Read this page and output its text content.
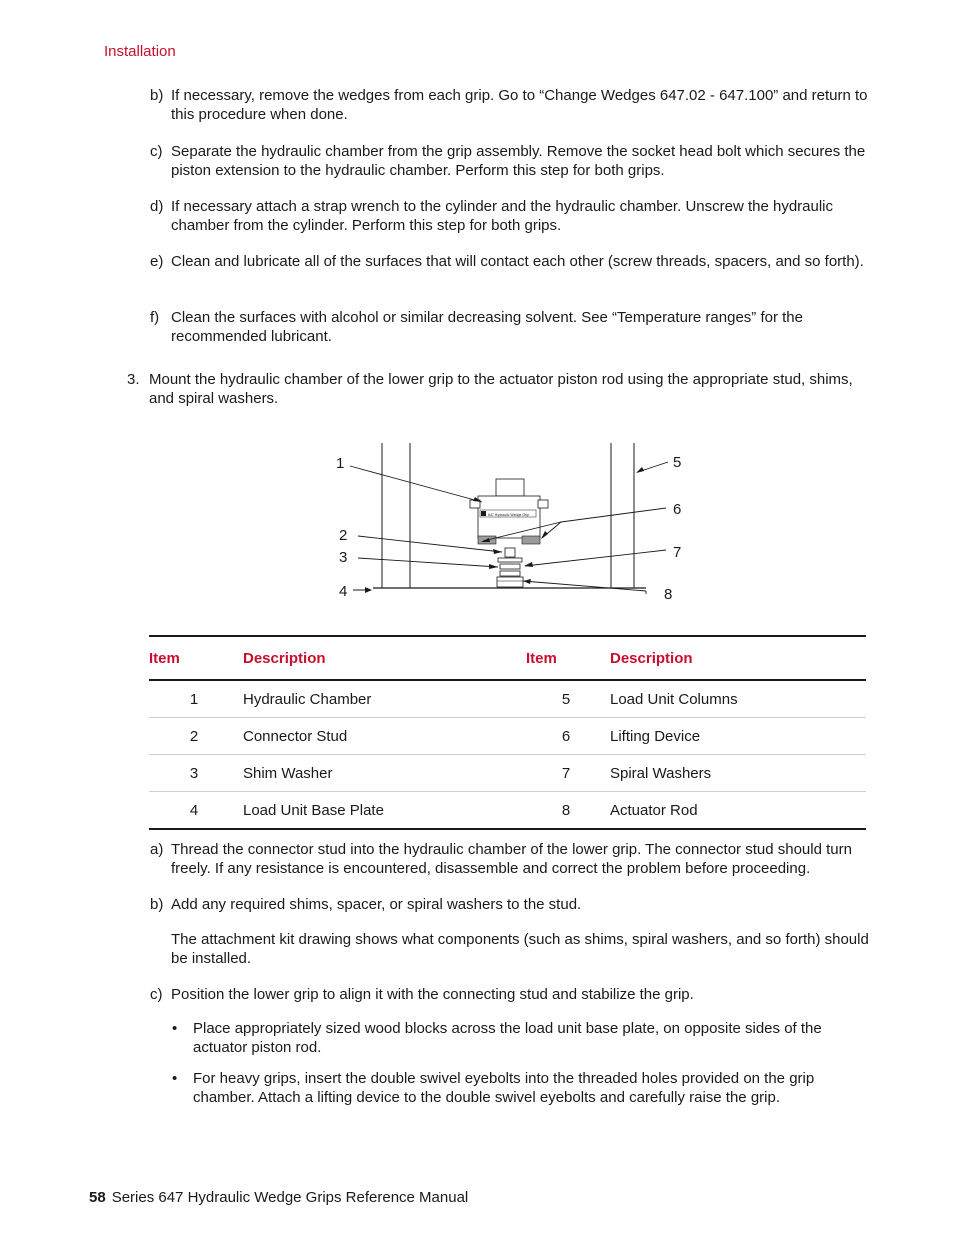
Installation
b) If necessary, remove the wedges from each grip. Go to “Change Wedges 647.02 - 647.100” and return to this procedure when done.
c) Separate the hydraulic chamber from the grip assembly. Remove the socket head bolt which secures the piston extension to the hydraulic chamber. Perform this step for both grips.
d) If necessary attach a strap wrench to the cylinder and the hydraulic chamber. Unscrew the hydraulic chamber from the cylinder. Perform this step for both grips.
e) Clean and lubricate all of the surfaces that will contact each other (screw threads, spacers, and so forth).
f) Clean the surfaces with alcohol or similar decreasing solvent. See “Temperature ranges” for the recommended lubricant.
3. Mount the hydraulic chamber of the lower grip to the actuator piston rod using the appropriate stud, shims, and spiral washers.
647 Hydraulic Wedge Grip
1
2
3
4
5
6
7
8
Item	Description	Item	Description
1	Hydraulic Chamber	5	Load Unit Columns
2	Connector Stud	6	Lifting Device
3	Shim Washer	7	Spiral Washers
4	Load Unit Base Plate	8	Actuator Rod
a) Thread the connector stud into the hydraulic chamber of the lower grip. The connector stud should turn freely. If any resistance is encountered, disassemble and correct the problem before proceeding.
b) Add any required shims, spacer, or spiral washers to the stud.
The attachment kit drawing shows what components (such as shims, spiral washers, and so forth) should be installed.
c) Position the lower grip to align it with the connecting stud and stabilize the grip.
• Place appropriately sized wood blocks across the load unit base plate, on opposite sides of the actuator piston rod.
• For heavy grips, insert the double swivel eyebolts into the threaded holes provided on the grip chamber. Attach a lifting device to the double swivel eyebolts and carefully raise the grip.
58 Series 647 Hydraulic Wedge Grips Reference Manual
